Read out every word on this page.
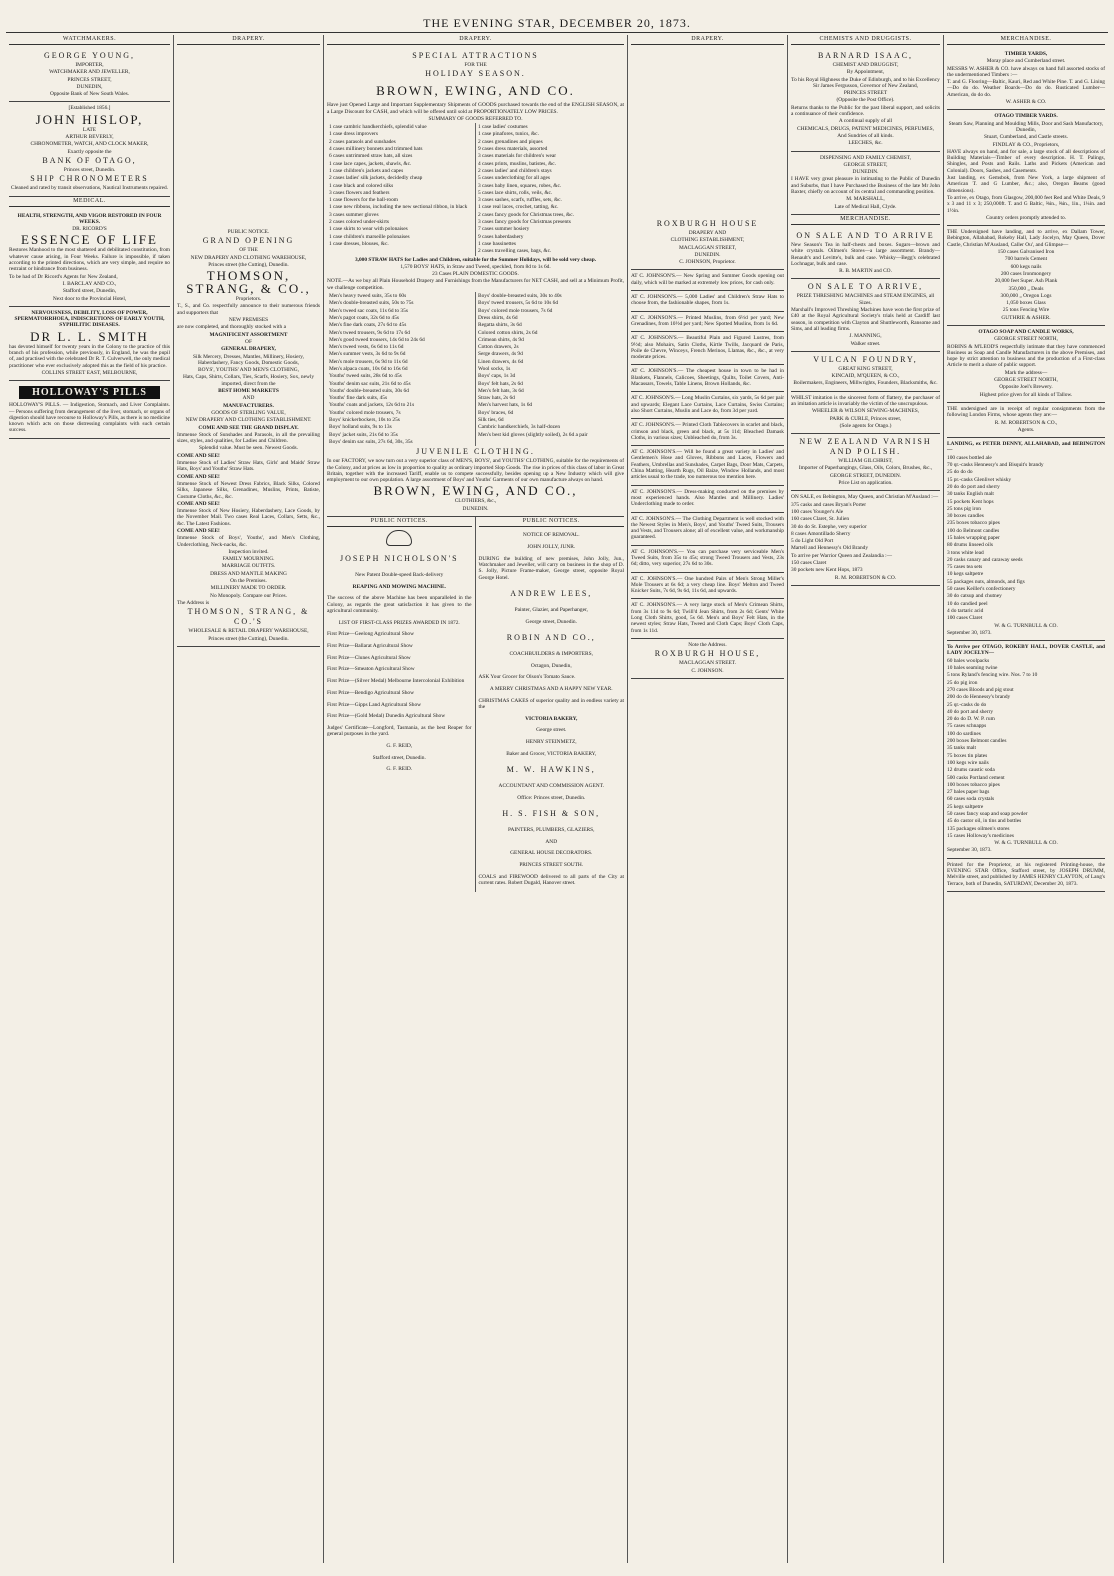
THE EVENING STAR, DECEMBER 20, 1873.
WATCHMAKERS.

GEORGE YOUNG,

IMPORTER,

WATCHMAKER AND JEWELLER,

PRINCES STREET,

DUNEDIN,

Opposite Bank of New South Wales.

[Established 1856.]

JOHN HISLOP,

LATE

ARTHUR BEVERLY,

CHRONOMETER, WATCH, AND CLOCK MAKER,

Exactly opposite the

BANK OF OTAGO,

Princes street, Dunedin.

SHIP CHRONOMETERS

Cleaned and rated by transit observations, Nautical Instruments repaired.

MEDICAL.

HEALTH, STRENGTH, AND VIGOR RESTORED IN FOUR WEEKS.

DR. RICORD'S

ESSENCE OF LIFE

Restores Manhood to the most shattered and debilitated constitution, from whatever cause arising, in Four Weeks. Failure is impossible, if taken according to the printed directions, which are very simple, and require no restraint or hindrance from business.

To be had of Dr Ricord's Agents for New Zealand,

I. BARCLAY AND CO.,

Stafford street, Dunedin,

Next door to the Provincial Hotel,

NERVOUSNESS, DEBILITY, LOSS OF POWER, SPERMATORRHOEA, INDISCRETIONS OF EARLY YOUTH, SYPHILITIC DISEASES.

DR L. L. SMITH

has devoted himself for twenty years in the Colony to the practice of this branch of his profession, while previously, in England, he was the pupil of, and practised with the celebrated Dr R. T. Culverwell, the only medical practitioner who ever exclusively adopted this as the field of his practice.

COLLINS STREET EAST, MELBOURNE,

HOLLOWAY'S PILLS

HOLLOWAY'S PILLS. — Indigestion, Stomach, and Liver Complaints. — Persons suffering from derangement of the liver, stomach, or organs of digestion should have recourse to Holloway's Pills, as there is no medicine known which acts on those distressing complaints with such certain success.

DRAPERY.

PUBLIC NOTICE.

GRAND OPENING

OF THE

NEW DRAPERY AND CLOTHING WAREHOUSE,

Princes street (the Cutting), Dunedin.

THOMSON, STRANG, & CO.,

Proprietors.

T., S., and Co. respectfully announce to their numerous friends and supporters that

NEW PREMISES

are now completed, and thoroughly stocked with a

MAGNIFICENT ASSORTMENT

OF

GENERAL DRAPERY,

Silk Mercery, Dresses, Mantles, Millinery, Hosiery, Haberdashery, Fancy Goods, Domestic Goods,

BOYS', YOUTHS' AND MEN'S CLOTHING,

Hats, Caps, Shirts, Collars, Ties, Scarfs, Hosiery, Sox, newly imported, direct from the

BEST HOME MARKETS

AND

MANUFACTURERS.

GOODS OF STERLING VALUE,

NEW DRAPERY AND CLOTHING ESTABLISHMENT.

COME AND SEE THE GRAND DISPLAY.

Immense Stock of Sunshades and Parasols, in all the prevailing sizes, styles, and qualities, for Ladies and Children.

Splendid value. Must be seen. Newest Goods.

COME AND SEE!

Immense Stock of Ladies' Straw Hats, Girls' and Maids' Straw Hats, Boys' and Youths' Straw Hats.

COME AND SEE!

Immense Stock of Newest Dress Fabrics, Black Silks, Colored Silks, Japanese Silks, Grenadines, Muslins, Prints, Batiste, Costume Cloths, &c., &c.

COME AND SEE!

Immense Stock of New Hosiery, Haberdashery, Lace Goods, by the November Mail. Two cases Real Laces, Collars, Setts, &c., &c. The Latest Fashions.

COME AND SEE!

Immense Stock of Boys', Youths', and Men's Clothing, Underclothing, Neck-nacks, &c.

Inspection invited.

FAMILY MOURNING.

MARRIAGE OUTFITS.

DRESS AND MANTLE MAKING

On the Premises.

MILLINERY MADE TO ORDER.

No Monopoly. Compare our Prices.

The Address is

THOMSON, STRANG, & CO.'S

WHOLESALE & RETAIL DRAPERY WAREHOUSE,

Princes street (the Cutting), Dunedin.

DRAPERY.

SPECIAL ATTRACTIONS

FOR THE

HOLIDAY SEASON.

BROWN, EWING, AND CO.

Have just Opened Large and Important Supplementary Shipments of GOODS purchased towards the end of the ENGLISH SEASON, at a Large Discount for CASH, and which will be offered until sold at PROPORTIONATELY LOW PRICES.

SUMMARY OF GOODS REFERRED TO.

1 case cambric handkerchiefs, splendid value

1 case dress improvers

2 cases parasols and sunshades

4 cases millinery bonnets and trimmed hats

6 cases untrimmed straw hats, all sizes

1 case lace capes, jackets, shawls, &c.

1 case children's jackets and capes

2 cases ladies' silk jackets, decidedly cheap

1 case black and colored silks

3 cases flowers and feathers

1 case flowers for the ball-room

1 case new ribbons, including the new sectional ribbon, in black

3 cases summer gloves

2 cases colored under-skirts

1 case skirts to wear with polonaises

1 case children's marseille polonaises

1 case dresses, blouses, &c.

1 case ladies' costumes

1 case pinafores, tunics, &c.

2 cases grenadines and piques

9 cases dress materials, assorted

3 cases materials for children's wear

4 cases prints, muslins, batistes, &c.

2 cases ladies' and children's stays

5 cases underclothing for all ages

3 cases baby linen, squares, robes, &c.

5 cases lace shirts, rolls, veils, &c.

3 cases sashes, scarfs, ruffles, sets, &c.

1 case real laces, crochet, tatting, &c.

2 cases fancy goods for Christmas trees, &c.

3 cases fancy goods for Christmas presents

7 cases summer hosiery

9 cases haberdashery

1 case bassinettes

2 cases travelling cases, bags, &c.

3,000 STRAW HATS for Ladies and Children, suitable for the Summer Holidays, will be sold very cheap.

1,570 BOYS' HATS, in Straw and Tweed, speckled, from 8d to 1s 6d.

23 Cases PLAIN DOMESTIC GOODS.

NOTE.—As we buy all Plain Household Drapery and Furnishings from the Manufacturers for NET CASH, and sell at a Minimum Profit, we challenge competition.

Men's heavy tweed suits, 35s to 60s

Men's double-breasted suits, 50s to 75s

Men's tweed sac coats, 11s 6d to 35s

Men's pagot coats, 32s 6d to 45s

Men's fine dark coats, 27s 6d to 45s

Men's tweed trousers, 9s 6d to 17s 6d

Men's good tweed trousers, 14s 6d to 24s 6d

Men's tweed vests, 6s 6d to 11s 6d

Men's summer vests, 3s 6d to 9s 6d

Men's mole trousers, 6s 9d to 11s 6d

Men's alpaca coats, 10s 6d to 16s 6d

Youths' tweed suits, 28s 6d to 45s

Youths' denim sac suits, 21s 6d to 45s

Youths' double-breasted suits, 30s 6d

Youths' fine dark suits, 45s

Youths' coats and jackets, 12s 6d to 21s

Youths' colored mole trousers, 7s

Boys' knickerbockers, 10s to 25s

Boys' holland suits, 9s to 13s

Boys' jacket suits, 21s 6d to 35s

Boys' denim sac suits, 27s 6d, 30s, 35s

Boys' double-breasted suits, 30s to 40s

Boys' tweed trousers, 5s 6d to 10s 6d

Boys' colored mole trousers, 7s 6d

Dress shirts, 4s 6d

Regatta shirts, 3s 6d

Colored cotton shirts, 2s 6d

Crimean shirts, 4s 9d

Cotton drawers, 2s

Serge drawers, 4s 9d

Linen drawers, 4s 6d

Wool socks, 1s

Boys' caps, 1s 3d

Boys' felt hats, 2s 6d

Men's felt hats, 3s 6d

Straw hats, 2s 6d

Men's harvest hats, 1s 6d

Boys' braces, 6d

Silk ties, 6d

Cambric handkerchiefs, 3s half-dozen

Men's best kid gloves (slightly soiled), 2s 6d a pair

JUVENILE CLOTHING.

In our FACTORY, we now turn out a very superior class of MEN'S, BOYS', and YOUTHS' CLOTHING, suitable for the requirements of the Colony, and at prices as low in proportion to quality as ordinary imported Slop Goods. The rise in prices of this class of labor in Great Britain, together with the increased Tariff, enable us to compete successfully, besides opening up a New Industry which will give employment to our own population. A large assortment of Boys' and Youths' Garments of our own manufacture always on hand.

BROWN, EWING, AND CO.,

CLOTHIERS, &c.,

DUNEDIN.

PUBLIC NOTICES.

JOSEPH NICHOLSON'S

New Patent Double-speed Back-delivery

REAPING AND MOWING MACHINE.

The success of the above Machine has been unparalleled in the Colony, as regards the great satisfaction it has given to the agricultural community.

LIST OF FIRST-CLASS PRIZES AWARDED IN 1872.

First Prize—Geelong Agricultural Show

First Prize—Ballarat Agricultural Show

First Prize—Clunes Agricultural Show

First Prize—Smeaton Agricultural Show

First Prize—(Silver Medal) Melbourne Intercolonial Exhibition

First Prize—Bendigo Agricultural Show

First Prize—Gipps Land Agricultural Show

First Prize—(Gold Medal) Dunedin Agricultural Show

Judges' Certificate—Longford, Tasmania, as the best Reaper for general purposes in the yard.

G. F. REID,

Stafford street, Dunedin.

G. F. REID.

PUBLIC NOTICES.

NOTICE OF REMOVAL.

JOHN JOLLY, JUNR.

DURING the building of new premises, John Jolly, Jun., Watchmaker and Jeweller, will carry on business in the shop of D. S. Jolly, Picture Frame-maker, George street, opposite Royal George Hotel.

ANDREW LEES,

Painter, Glazier, and Paperhanger,

George street, Dunedin.

ROBIN AND CO.,

COACHBUILDERS & IMPORTERS,

Octagon, Dunedin,

ASK Your Grocer for Olson's Tomato Sauce.

A MERRY CHRISTMAS AND A HAPPY NEW YEAR.

CHRISTMAS CAKES of superior quality and in endless variety at the

VICTORIA BAKERY,

George street.

HENRY STEINMETZ,

Baker and Grocer, VICTORIA BAKERY,

M. W. HAWKINS,

ACCOUNTANT AND COMMISSION AGENT.

Office: Princes street, Dunedin.

H. S. FISH & SON,

PAINTERS, PLUMBERS, GLAZIERS,

AND

GENERAL HOUSE DECORATORS.

PRINCES STREET SOUTH.

COALS and FIREWOOD delivered to all parts of the City at current rates. Robert Dugald, Hanover street.

DRAPERY.

ROXBURGH HOUSE

DRAPERY AND

CLOTHING ESTABLISHMENT,

MACLAGGAN STREET,

DUNEDIN.

C. JOHNSON, Proprietor.

AT C. JOHNSON'S.— New Spring and Summer Goods opening out daily, which will be marked at extremely low prices, for cash only.

AT C. JOHNSON'S.— 5,000 Ladies' and Children's Straw Hats to choose from, the fashionable shapes, from 1s.

AT C. JOHNSON'S.— Printed Muslins, from 6½d per yard; New Grenadines, from 10½d per yard; New Spotted Muslins, from 1s 6d.

AT C. JOHNSON'S.— Beautiful Plain and Figured Lustres, from 9½d; also Mohairs, Satin Cloths, Kirtle Twills, Jacquard de Paris, Poile de Chevre, Winceys, French Merinos, Llamas, &c., &c., at very moderate prices.

AT C. JOHNSON'S.— The cheapest house in town to be had in Blankets, Flannels, Calicoes, Sheetings, Quilts, Toilet Covers, Anti-Macassars, Towels, Table Linens, Brown Hollands, &c.

AT C. JOHNSON'S.— Long Muslin Curtains, six yards, 5s 6d per pair and upwards; Elegant Lace Curtains, Lace Curtains, Swiss Curtains; also Short Curtains, Muslin and Lace do, from 3d per yard.

AT C. JOHNSON'S.— Printed Cloth Tablecovers in scarlet and black, crimson and black, green and black, at 5s 11d; Bleached Damask Cloths, in various sizes; Unbleached do, from 3s.

AT C. JOHNSON'S.— Will be found a great variety in Ladies' and Gentlemen's Hose and Gloves, Ribbons and Laces, Flowers and Feathers, Umbrellas and Sunshades, Carpet Bags, Door Mats, Carpets, China Matting, Hearth Rugs, Oil Baize, Window Hollands, and most articles usual to the trade, too numerous too mention here.

AT C. JOHNSON'S.— Dress-making conducted on the premises by most experienced hands. Also Mantles and Millinery. Ladies' Underclothing made to order.

AT C. JOHNSON'S.— The Clothing Department is well stocked with the Newest Styles in Men's, Boys', and Youths' Tweed Suits, Trousers and Vests, and Trousers alone; all of excellent value, and workmanship guaranteed.

AT C. JOHNSON'S.— You can purchase very serviceable Men's Tweed Suits, from 35s to 45s; strong Tweed Trousers and Vests, 23s 6d; ditto, very superior, 27s 6d to 30s.

AT C. JOHNSON'S.— One hundred Pairs of Men's Strong Miller's Mole Trousers at 6s 6d; a very cheap line. Boys' Melton and Tweed Knicker Suits, 7s 6d, 9s 6d, 11s 6d, and upwards.

AT C. JOHNSON'S.— A very large stock of Men's Crimean Shirts, from 3s 11d to 9s 6d; Twill'd Jean Shirts, from 2s 6d; Gents' White Long Cloth Shirts, good, 5s 6d. Men's and Boys' Felt Hats, in the newest styles; Straw Hats, Tweed and Cloth Caps; Boys' Cloth Caps, from 1s 11d.

Note the Address.

ROXBURGH HOUSE,

MACLAGGAN STREET.

C. JOHNSON.

CHEMISTS AND DRUGGISTS.

BARNARD ISAAC,

CHEMIST AND DRUGGIST,

By Appointment,

To his Royal Highness the Duke of Edinburgh, and to his Excellency Sir James Fergusson, Governor of New Zealand,

PRINCES STREET

(Opposite the Post Office).

Returns thanks to the Public for the past liberal support, and solicits a continuance of their confidence.

A continual supply of all

CHEMICALS, DRUGS, PATENT MEDICINES, PERFUMES,

And Sundries of all kinds.

LEECHES, &c.

DISPENSING AND FAMILY CHEMIST,

GEORGE STREET,

DUNEDIN.

I HAVE very great pleasure in intimating to the Public of Dunedin and Suburbs, that I have Purchased the Business of the late Mr John Baxter, chiefly on account of its central and commanding position.

M. MARSHALL,

Late of Medical Hall, Clyde.

MERCHANDISE.

ON SALE AND TO ARRIVE

New Season's Tea in half-chests and boxes. Sugars—brown and white crystals. Oilmen's Stores—a large assortment. Brandy—Renault's and Levitte's, bulk and case. Whisky—Begg's celebrated Lochnagar, bulk and case.

R. B. MARTIN and CO.

ON SALE TO ARRIVE,

PRIZE THRESHING MACHINES and STEAM ENGINES, all Sizes.

Marshall's Improved Threshing Machines have won the first prize of £40 at the Royal Agricultural Society's trials held at Cardiff last season, in competition with Clayton and Shuttleworth, Ransome and Sims, and all leading firms.

J. MANNING,

Walker street.

VULCAN FOUNDRY,

GREAT KING STREET,

KINCAID, M'QUEEN, & CO.,

Boilermakers, Engineers, Millwrights, Founders, Blacksmiths, &c.

WHILST imitation is the sincerest form of flattery, the purchaser of an imitation article is invariably the victim of the unscrupulous.

WHEELER & WILSON SEWING-MACHINES,

PARK & CURLE, Princes street,

(Sole agents for Otago.)

NEW ZEALAND VARNISH AND POLISH.

WILLIAM GILCHRIST,

Importer of Paperhangings, Glass, Oils, Colors, Brushes, &c.,

GEORGE STREET, DUNEDIN.

Price List on application.

ON SALE, ex Bebington, May Queen, and Christian M'Ausland :—

375 casks and cases Bryan's Porter

100 cases Younger's Ale

160 cases Claret, St. Julien

30 do do St. Estephe, very superior

8 cases Amontillado Sherry

5 do Light Old Port

Martell and Hennessy's Old Brandy

To arrive per Warrior Queen and Zealandia :—

150 cases Claret

30 pockets new Kent Hops, 1873

R. M. ROBERTSON & CO.

MERCHANDISE.

TIMBER YARDS,

Moray place and Cumberland street.

MESSRS W. ASHER & CO. have always on hand full assorted stocks of the undermentioned Timbers :—

T. and G. Flooring—Baltic, Kauri, Red and White Pine. T. and G. Lining—Do do do. Weather Boards—Do do do. Rusticated Lumber—American, do do do.

W. ASHER & CO.

OTAGO TIMBER YARDS.

Steam Saw, Planning and Moulding Mills, Door and Sash Manufactory, Dunedin,

Stuart, Cumberland, and Castle streets.

FINDLAY & CO., Proprietors,

HAVE always on hand, and for sale, a large stock of all descriptions of Building Materials—Timber of every description. H. T. Palings, Shingles, and Posts and Rails. Laths and Pickets (American and Colonial). Doors, Sashes, and Casements.

Just landing, ex Gemsbok, from New York, a large shipment of American T. and G Lumber, &c.; also, Oregon Beams (good dimensions).

To arrive, ex Otago, from Glasgow, 200,000 feet Red and White Deals, 9 x 3 and 11 x 3; 250,000ft. T. and G Baltic, ⅜in., ⅝in., 1in., 1¼in. and 1½in.

Country orders promptly attended to.

THE Undersigned have landing, and to arrive, ex Dallam Tower, Bebington, Allahabad, Rokeby Hall, Lady Jocelyn, May Queen, Dover Castle, Christian M'Ausland, Caller Ou', and Glimpse—

150 cases Galvanised Iron

700 barrels Cement

600 kegs nails

200 cases Ironmongery

20,000 feet Super. Ash Plank

350,000 „ Deals

300,000 „ Oregon Logs

1,050 boxes Glass

25 tons Fencing Wire

GUTHRIE & ASHER.

OTAGO SOAP AND CANDLE WORKS,

GEORGE STREET NORTH,

ROBINS & M'LEOD'S respectfully intimate that they have commenced Business as Soap and Candle Manufacturers in the above Premises, and hope by strict attention to business and the production of a First-class Article to merit a share of public support.

Mark the address—

GEORGE STREET NORTH,

Opposite Joel's Brewery.

Highest price given for all kinds of Tallow.

THE undersigned are in receipt of regular consignments from the following London Firms, whose agents they are:—

R. M. ROBERTSON & CO.,

Agents.

LANDING, ex PETER DENNY, ALLAHABAD, and BEBINGTON—

100 cases bottled ale

70 qr.-casks Hennessy's and Bisquit's brandy

25 do do do

15 pr.-casks Glenlivet whisky

20 do do port and sherry

30 tanks English malt

15 pockets Kent hops

25 tons pig iron

30 boxes candles

235 boxes tobacco pipes

100 do Belmont candles

15 bales wrapping paper

80 drums linseed oils

3 tons white lead

20 casks canary and caraway seeds

75 cases tea sets

10 kegs saltpetre

55 packages nuts, almonds, and figs

50 cases Keiller's confectionery

30 do catsup and chutney

10 do candied peel

4 do tartaric acid

100 cases Claret

W. & G. TURNBULL & CO.

September 30, 1873.

To Arrive per OTAGO, ROKEBY HALL, DOVER CASTLE, and LADY JOCELYN—

60 bales woolpacks

10 bales seaming twine

5 tons Ryland's fencing wire. Nos. 7 to 10

25 do pig iron

270 cases Bloods and pig stout

200 do do Hennessy's brandy

25 qr.-casks do do

40 do port and sherry

20 do do D. W. P. rum

75 cases schnapps

100 do sardines

200 boxes Belmont candles

35 tanks malt

75 boxes tin plates

100 kegs wire nails

12 drums caustic soda

500 casks Portland cement

100 boxes tobacco pipes

27 bales paper bags

60 cases soda crystals

25 kegs saltpetre

50 cases fancy soap and soap powder

45 do castor oil, in tins and bottles

135 packages oilmen's stores

15 cases Holloway's medicines

W. & G. TURNBULL & CO.

September 30, 1873.

Printed for the Proprietor, at his registered Printing-house, the EVENING STAR Office, Stafford street, by JOSEPH DRUMM, Melville street, and published by JAMES HENRY CLAYTON, of Lang's Terrace, both of Dunedin, SATURDAY, December 20, 1873.
